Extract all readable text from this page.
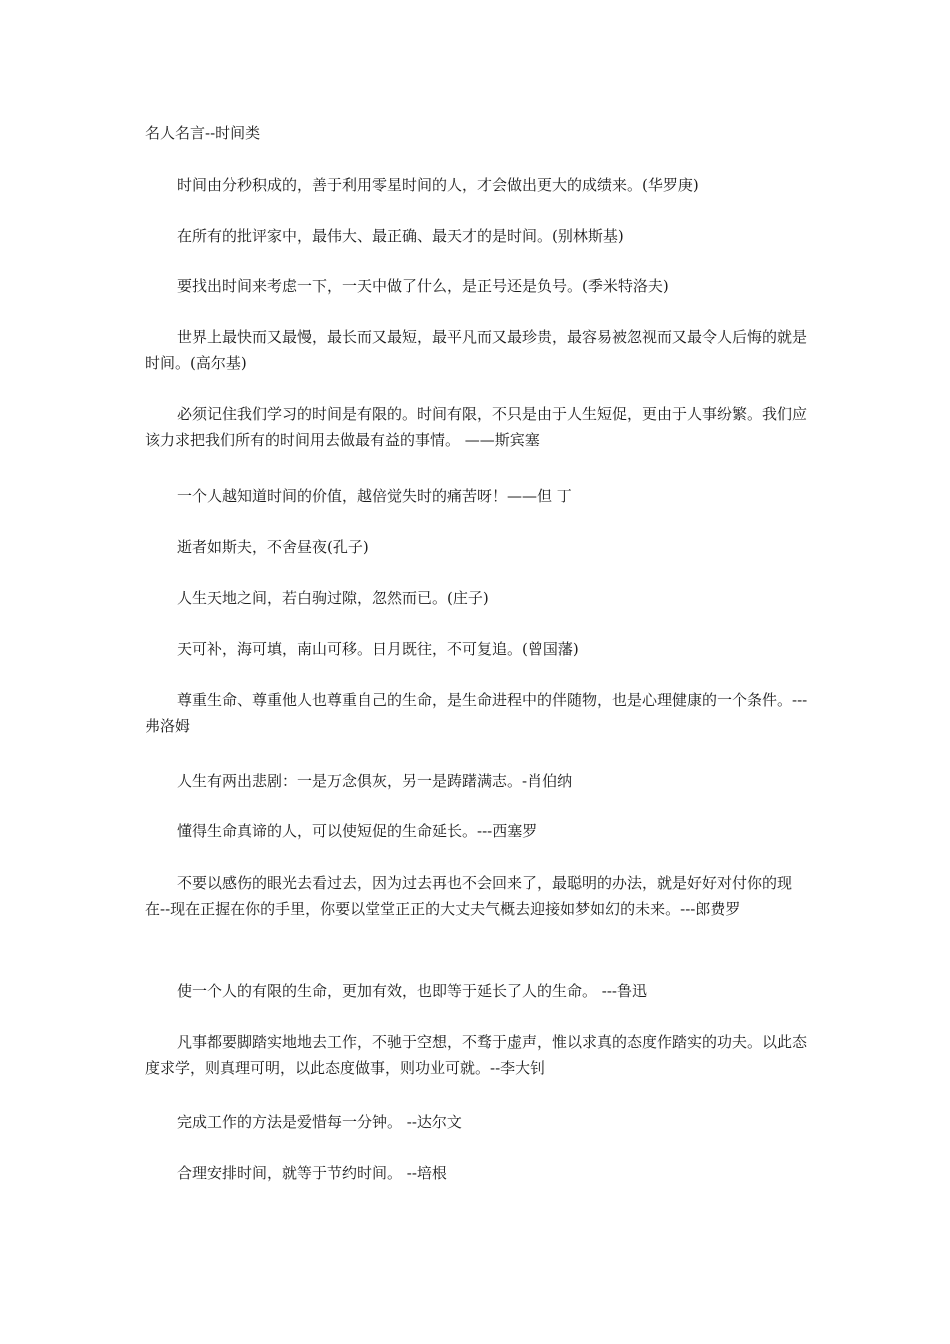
名人名言--时间类

时间由分秒积成的，善于利用零星时间的人，才会做出更大的成绩来。(华罗庚)

在所有的批评家中，最伟大、最正确、最天才的是时间。(别林斯基)

要找出时间来考虑一下，一天中做了什么，是正号还是负号。(季米特洛夫)

世界上最快而又最慢，最长而又最短，最平凡而又最珍贵，最容易被忽视而又最令人后悔的就是时间。(高尔基)

必须记住我们学习的时间是有限的。时间有限，不只是由于人生短促，更由于人事纷繁。我们应该力求把我们所有的时间用去做最有益的事情。 ——斯宾塞

一个人越知道时间的价值，越倍觉失时的痛苦呀！——但 丁

逝者如斯夫，不舍昼夜(孔子)

人生天地之间，若白驹过隙，忽然而已。(庄子)

天可补，海可填，南山可移。日月既往，不可复追。(曾国藩)

尊重生命、尊重他人也尊重自己的生命，是生命进程中的伴随物，也是心理健康的一个条件。---弗洛姆

人生有两出悲剧：一是万念俱灰，另一是踌躇满志。-肖伯纳

懂得生命真谛的人，可以使短促的生命延长。---西塞罗

不要以感伤的眼光去看过去，因为过去再也不会回来了，最聪明的办法，就是好好对付你的现在--现在正握在你的手里，你要以堂堂正正的大丈夫气概去迎接如梦如幻的未来。---郎费罗

使一个人的有限的生命，更加有效，也即等于延长了人的生命。 ---鲁迅

凡事都要脚踏实地地去工作，不驰于空想，不骛于虚声，惟以求真的态度作踏实的功夫。以此态度求学，则真理可明，以此态度做事，则功业可就。--李大钊

完成工作的方法是爱惜每一分钟。 --达尔文

合理安排时间，就等于节约时间。 --培根
